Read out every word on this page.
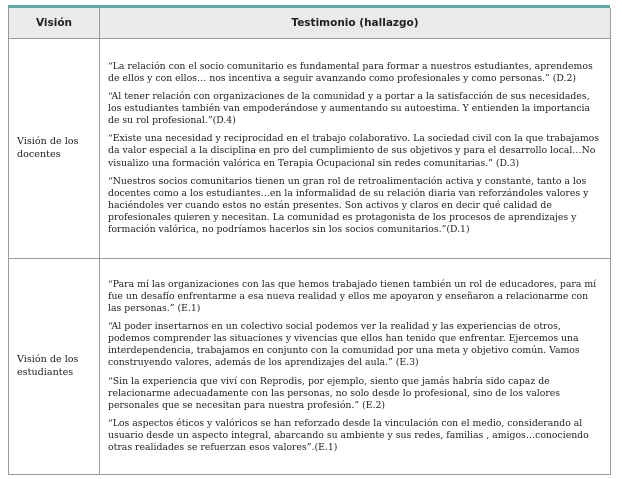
Visión	Testimonio (hallazgo)
Visión de los docentes	“La relación con el socio comunitario es fundamental para formar a nuestros estudiantes, aprendemos de ellos y con ellos… nos incentiva a seguir avanzando como profesionales y como personas.” (D.2)

“Al tener relación con organizaciones de la comunidad y a portar a la satisfacción de sus necesidades, los estudiantes también van empoderándose y aumentando su autoestima. Y entienden la importancia de su rol profesional.”(D.4)

“Existe una necesidad y reciprocidad en el trabajo colaborativo. La sociedad civil con la que trabajamos da valor especial a la disciplina en pro del cumplimiento de sus objetivos y para el desarrollo local…No visualizo una formación valórica en Terapia Ocupacional sin redes comunitarias.” (D.3)

“Nuestros socios comunitarios tienen un gran rol de retroalimentación activa y constante, tanto a los docentes como a los estudiantes…en la informalidad de su relación diaria van reforzándoles valores y haciéndoles ver cuando estos no están presentes. Son activos y claros en decir qué calidad de profesionales quieren y necesitan. La comunidad es protagonista de los procesos de aprendizajes y formación valórica, no podríamos hacerlos sin los socios comunitarios.”(D.1)

Visión de los estudiantes	“Para mí las organizaciones con las que hemos trabajado tienen también un rol de educadores, para mí fue un desafío enfrentarme a esa nueva realidad y ellos me apoyaron y enseñaron a relacionarme con las personas.” (E.1)

“Al poder insertarnos en un colectivo social podemos ver la realidad y las experiencias de otros, podemos comprender las situaciones y vivencias que ellos han tenido que enfrentar. Ejercemos una interdependencia, trabajamos en conjunto con la comunidad por una meta y objetivo común. Vamos construyendo valores, además de los aprendizajes del aula.” (E.3)

“Sin la experiencia que viví con Reprodis, por ejemplo, siento que jamás habría sido capaz de relacionarme adecuadamente con las personas, no solo desde lo profesional, sino de los valores personales que se necesitan para nuestra profesión.” (E.2)

“Los aspectos éticos y valóricos se han reforzado desde la vinculación con el medio, considerando al usuario desde un aspecto integral, abarcando su ambiente y sus redes, familias , amigos…conociendo otras realidades se refuerzan esos valores”.(E.1)
